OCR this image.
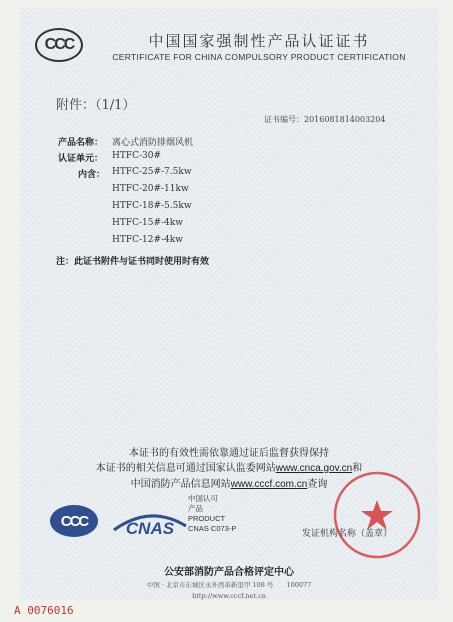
CCC	中国国家强制性产品认证证书
CERTIFICATE FOR CHINA COMPULSORY PRODUCT CERTIFICATION
附件：（1/1）
证书编号：2016081814003204
产品名称： 离心式消防排烟风机
认证单元： HTFC-30#
内含： HTFC-25#-7.5kw
HTFC-20#-11kw
HTFC-18#-5.5kw
HTFC-15#-4kw
HTFC-12#-4kw
注：此证书附件与证书同时使用时有效
本证书的有效性需依靠通过证后监督获得保持
本证书的相关信息可通过国家认监委网站www.cnca.gov.cn和
中国消防产品信息网站www.cccf.com.cn查询
CCC CNAS
中国认可
产品
PRODUCT
CNAS C073-P
发证机构名称（盖章）
公安部消防产品合格评定中心
中国 · 北京市东城区永外西革新里甲 108 号　　100077
http://www.cccf.net.cn
A 0076016
